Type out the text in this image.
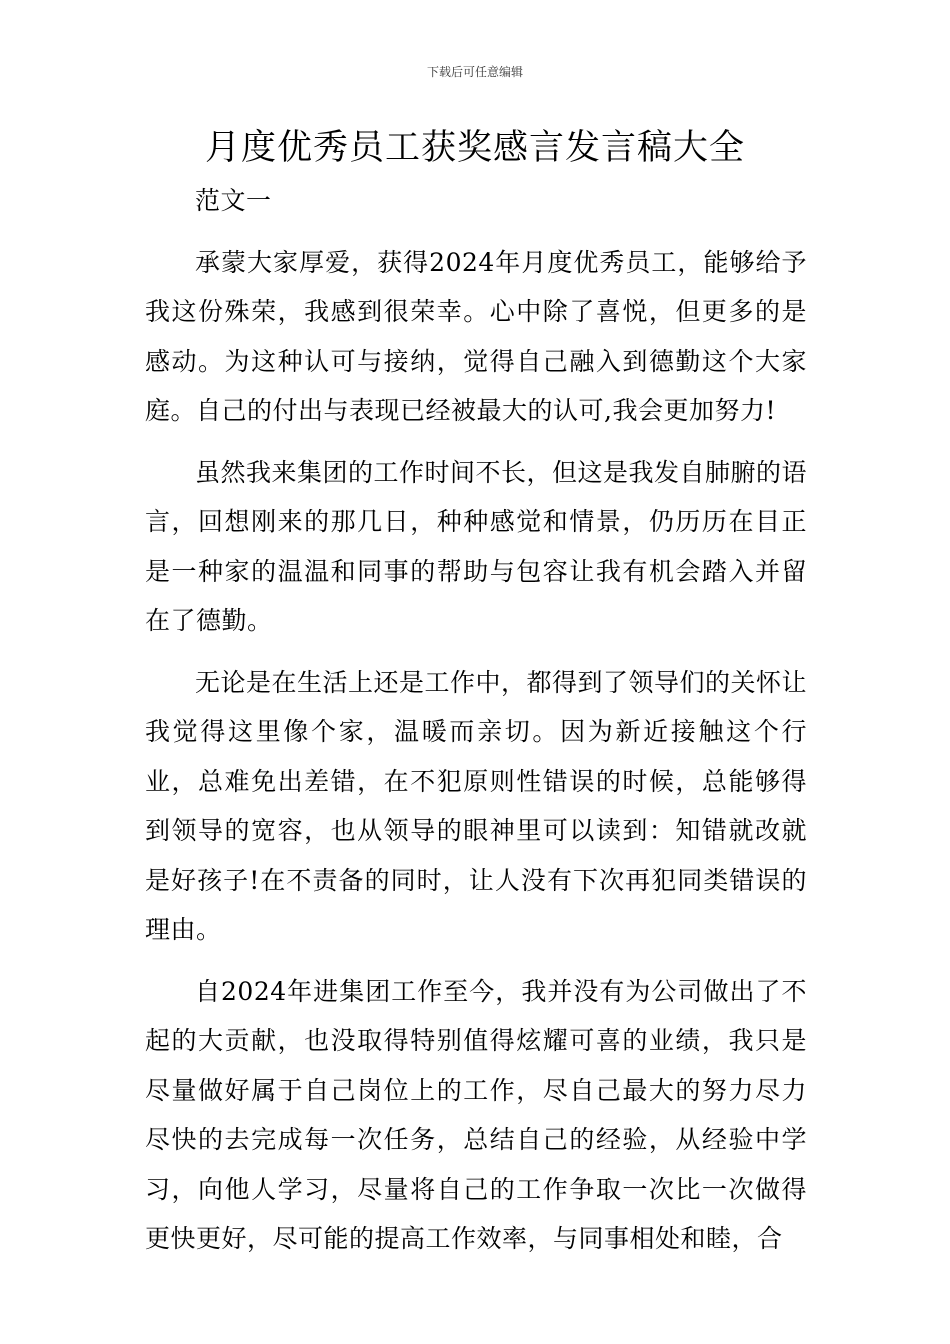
下载后可任意编辑
月度优秀员工获奖感言发言稿大全

范文一

承蒙大家厚爱，获得2024年月度优秀员工，能够给予我这份殊荣，我感到很荣幸。心中除了喜悦，但更多的是感动。为这种认可与接纳，觉得自己融入到德勤这个大家庭。自己的付出与表现已经被最大的认可,我会更加努力!

虽然我来集团的工作时间不长，但这是我发自肺腑的语言，回想刚来的那几日，种种感觉和情景，仍历历在目正是一种家的温温和同事的帮助与包容让我有机会踏入并留在了德勤。

无论是在生活上还是工作中，都得到了领导们的关怀让我觉得这里像个家，温暖而亲切。因为新近接触这个行业，总难免出差错，在不犯原则性错误的时候，总能够得到领导的宽容，也从领导的眼神里可以读到：知错就改就是好孩子!在不责备的同时，让人没有下次再犯同类错误的理由。

自2024年进集团工作至今，我并没有为公司做出了不起的大贡献，也没取得特别值得炫耀可喜的业绩，我只是尽量做好属于自己岗位上的工作，尽自己最大的努力尽力尽快的去完成每一次任务，总结自己的经验，从经验中学习，向他人学习，尽量将自己的工作争取一次比一次做得更快更好，尽可能的提高工作效率，与同事相处和睦，合
